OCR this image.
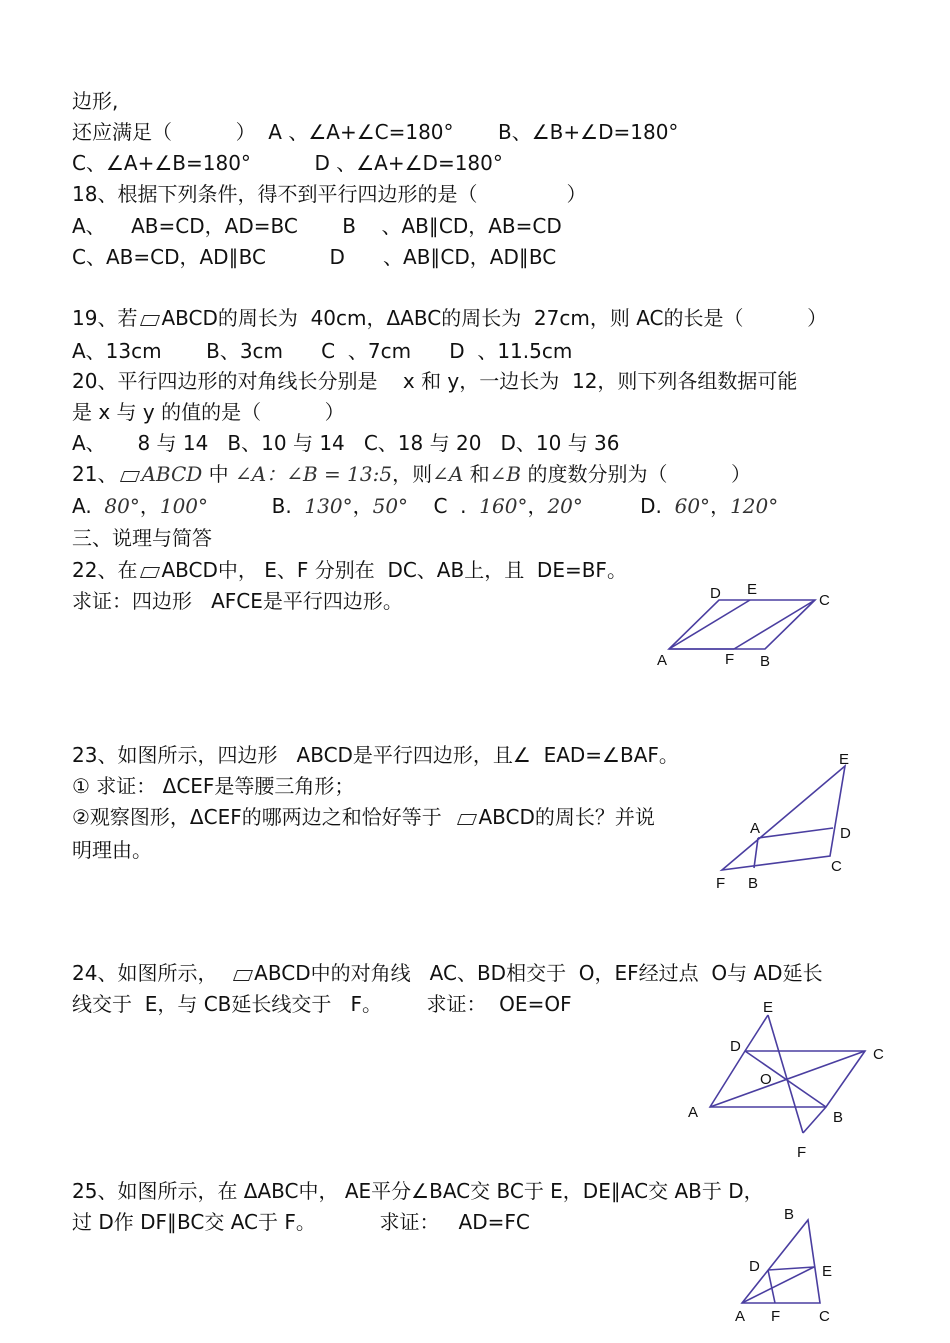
边形,
还应满足（          ）  A 、∠A+∠C=180°       B、∠B+∠D=180°
C、∠A+∠B=180°          D 、∠A+∠D=180°
18、根据下列条件，得不到平行四边形的是（              ）
A、    AB=CD，AD=BC       B    、AB∥CD，AB=CD
C、AB=CD，AD∥BC          D      、AB∥CD，AD∥BC
19、若 ABCD的周长为  40cm，ΔABC的周长为  27cm，则 AC的长是（          ）
A、13cm       B、3cm      C  、7cm      D  、11.5cm
20、平行四边形的对角线长分别是    x 和 y，一边长为  12，则下列各组数据可能
是 x 与 y 的值的是（          ）
A、     8 与 14   B、10 与 14   C、18 与 20   D、10 与 36
21、 ABCD 中 ∠A：∠B = 13:5，则∠A 和∠B 的度数分别为（          ）
A. 80°，100°	B. 130°，50° C  . 160°，20°	D. 60°，120°
三、说理与简答
22、在 ABCD中， E、F 分别在  DC、AB上，且  DE=BF。
求证：四边形   AFCE是平行四边形。	D E
C
A	F B
23、如图所示，四边形   ABCD是平行四边形，且∠  EAD=∠BAF。
① 求证： ΔCEF是等腰三角形；
②观察图形，ΔCEF的哪两边之和恰好等于  ABCD的周长？并说
明理由。
E
A	D
C
F B
24、如图所示，  ABCD中的对角线   AC、BD相交于  O，EF经过点  O与 AD延长
线交于  E，与 CB延长线交于   F。       求证：  OE=OF	E
D	C
O
A	B
F
25、如图所示，在 ΔABC中， AE平分∠BAC交 BC于 E，DE∥AC交 AB于 D，
过 D作 DF∥BC交 AC于 F。          求证：   AD=FC	B
D	E
A F	C
